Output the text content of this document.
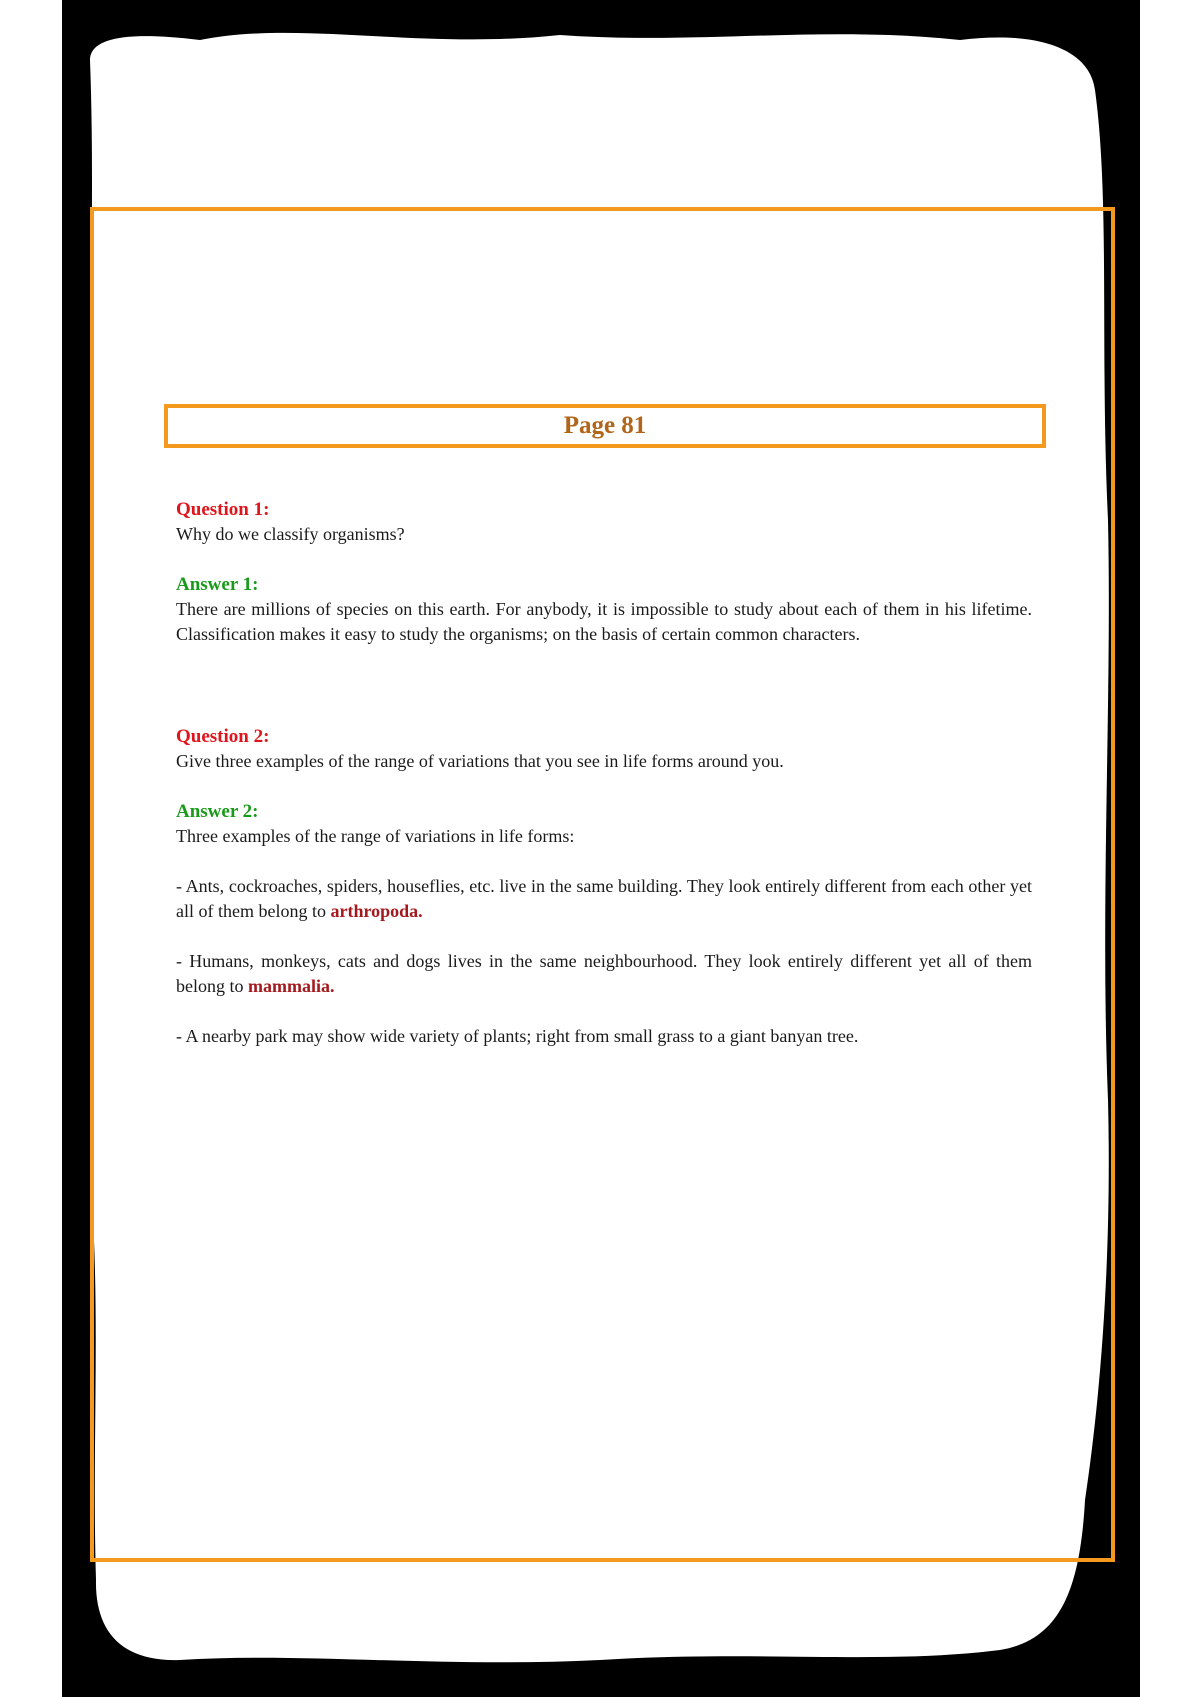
Page 81
Question 1:
Why do we classify organisms?
Answer 1:
There are millions of species on this earth. For anybody, it is impossible to study about each of them in his lifetime. Classification makes it easy to study the organisms; on the basis of certain common characters.
Question 2:
Give three examples of the range of variations that you see in life forms around you.
Answer 2:
Three examples of the range of variations in life forms:
- Ants, cockroaches, spiders, houseflies, etc. live in the same building. They look entirely different from each other yet all of them belong to arthropoda.
- Humans, monkeys, cats and dogs lives in the same neighbourhood. They look entirely different yet all of them belong to mammalia.
- A nearby park may show wide variety of plants; right from small grass to a giant banyan tree.
